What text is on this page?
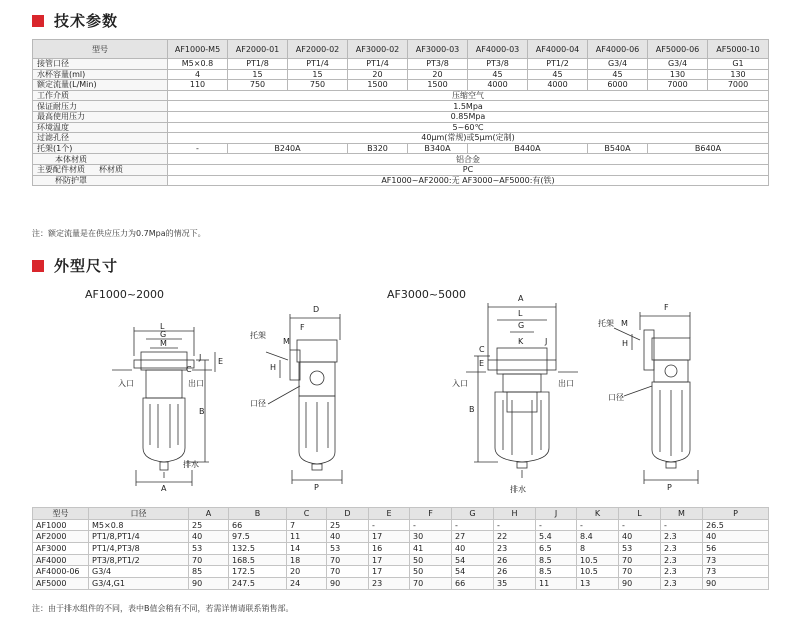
技术参数
型号	AF1000-M5	AF2000-01	AF2000-02	AF3000-02	AF3000-03	AF4000-03	AF4000-04	AF4000-06	AF5000-06	AF5000-10
接管口径	M5×0.8	PT1/8	PT1/4	PT1/4	PT3/8	PT3/8	PT1/2	G3/4	G3/4	G1
水杯容量(ml)	4	15	15	20	20	45	45	45	130	130
额定流量(L/Min)	110	750	750	1500	1500	4000	4000	6000	7000	7000
工作介质	压缩空气									
保证耐压力	1.5Mpa									
最高使用压力	0.85Mpa									
环境温度	5~60℃									
过滤孔径	40μm(常规)或5μm(定制)									
托架(1个)	-	B240A		B320	B340A	B440A		B540A	B640A	
本体材质	铝合金									
主要配件材质 杯材质	PC									
杯防护罩	AF1000~AF2000:无 AF3000~AF5000:有(铁)									
注：额定流量是在供应压力为0.7Mpa的情况下。
外型尺寸
AF1000~2000	AF3000~5000
L
G
M
A
B
J
C
E
入口	出口
排水
D
F
M
H
P
托架
口径
A
L
G
K	J
B
C
E
入口	出口
排水
F
M
H
P
托架
口径
型号	口径	A	B	C	D	E	F	G	H	J	K	L	M	P
AF1000	M5×0.8	25	66	7	25	-	-	-	-	-	-	-	-	26.5
AF2000	PT1/8,PT1/4	40	97.5	11	40	17	30	27	22	5.4	8.4	40	2.3	40
AF3000	PT1/4,PT3/8	53	132.5	14	53	16	41	40	23	6.5	8	53	2.3	56
AF4000	PT3/8,PT1/2	70	168.5	18	70	17	50	54	26	8.5	10.5	70	2.3	73
AF4000-06	G3/4	85	172.5	20	70	17	50	54	26	8.5	10.5	70	2.3	73
AF5000	G3/4,G1	90	247.5	24	90	23	70	66	35	11	13	90	2.3	90
注：由于排水组件的不同，表中B值会稍有不同，若需详情请联系销售部。
